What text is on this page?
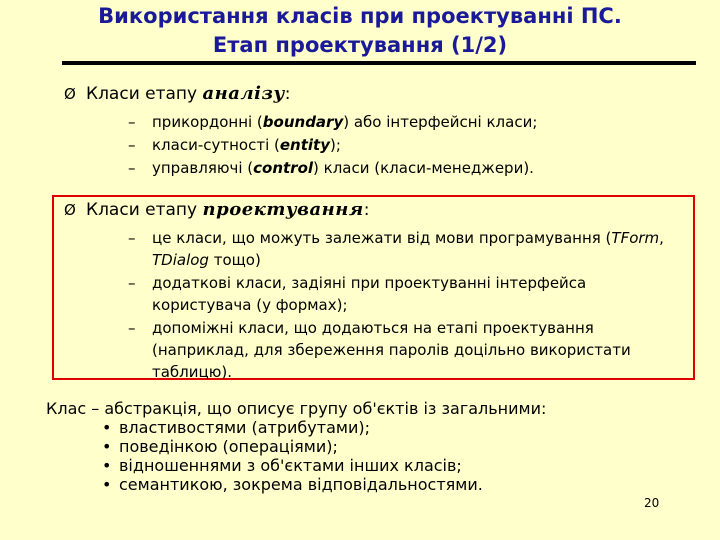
Використання класів при проектуванні ПС.
Етап проектування (1/2)
Ø Класи етапу аналізу:
– прикордонні (boundary) або інтерфейсні класи;
– класи-сутності (entity);
– управляючі (control) класи (класи-менеджери).
Ø Класи етапу проектування:
– це класи, що можуть залежати від мови програмування (TForm,
TDialog тощо)
– додаткові класи, задіяні при проектуванні інтерфейса
користувача (у формах);
– допоміжні класи, що додаються на етапі проектування
(наприклад, для збереження паролів доцільно використати
таблицю).
Клас – абстракція, що описує групу об'єктів із загальними:
• властивостями (атрибутами);
• поведінкою (операціями);
• відношеннями з об'єктами інших класів;
• семантикою, зокрема відповідальностями.
20
